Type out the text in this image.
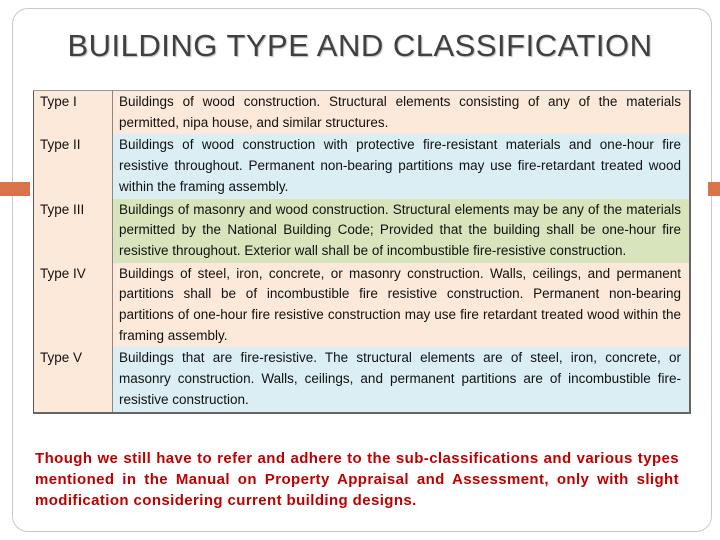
BUILDING TYPE AND CLASSIFICATION
Type I	Buildings of wood construction. Structural elements consisting of any of the materials permitted, nipa house, and similar structures.
Type II	Buildings of wood construction with protective fire-resistant materials and one-hour fire resistive throughout. Permanent non-bearing partitions may use fire-retardant treated wood within the framing assembly.
Type III	Buildings of masonry and wood construction. Structural elements may be any of the materials permitted by the National Building Code; Provided that the building shall be one-hour fire resistive throughout. Exterior wall shall be of incombustible fire-resistive construction.
Type IV	Buildings of steel, iron, concrete, or masonry construction. Walls, ceilings, and permanent partitions shall be of incombustible fire resistive construction. Permanent non-bearing partitions of one-hour fire resistive construction may use fire retardant treated wood within the framing assembly.
Type V	Buildings that are fire-resistive. The structural elements are of steel, iron, concrete, or masonry construction. Walls, ceilings, and permanent partitions are of incombustible fire-resistive construction.
Though we still have to refer and adhere to the sub-classifications and various types mentioned in the Manual on Property Appraisal and Assessment, only with slight modification considering current building designs.
